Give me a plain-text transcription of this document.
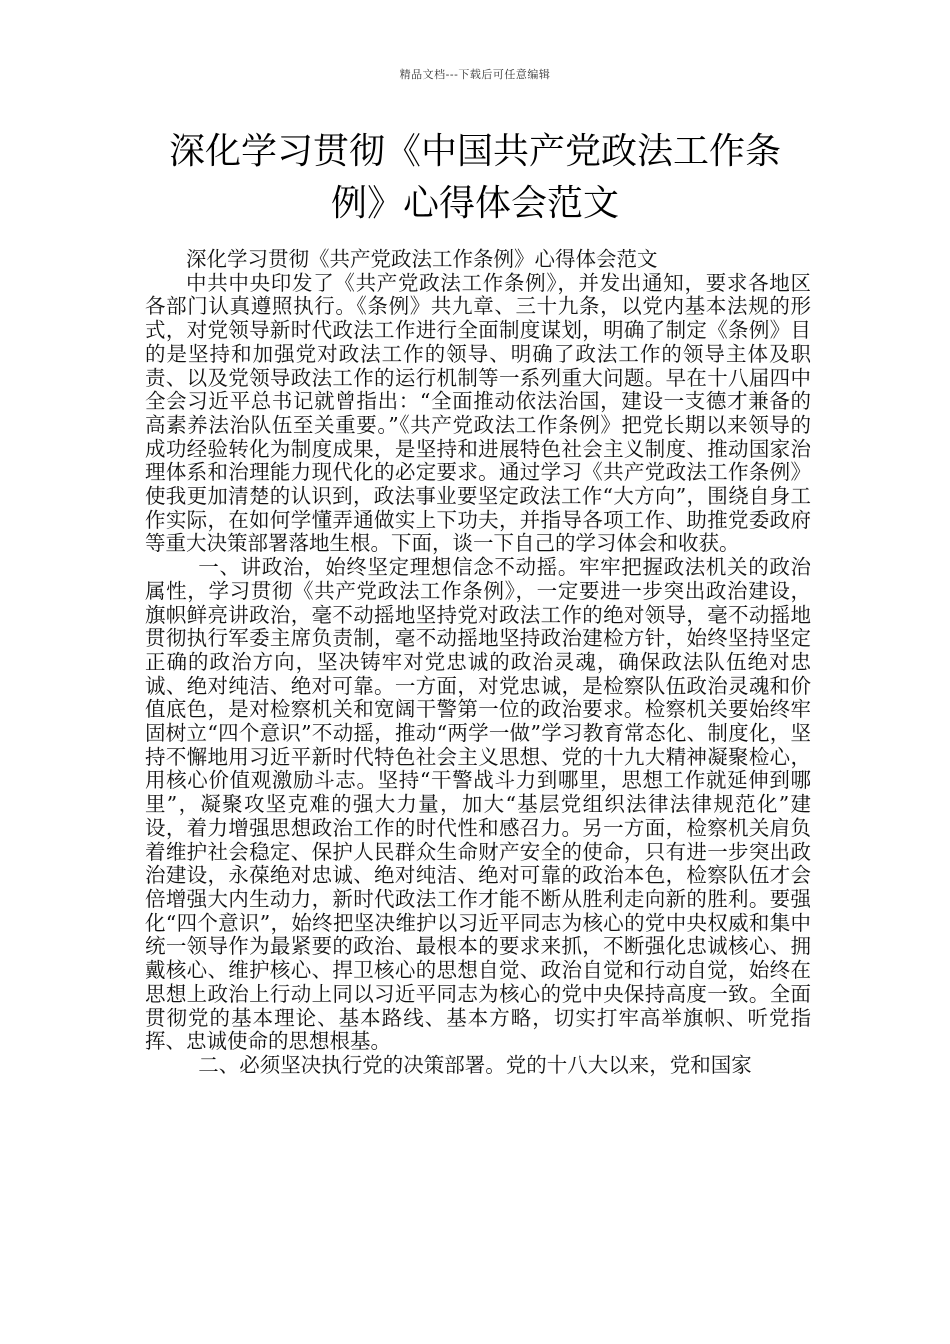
精品文档---下载后可任意编辑
深化学习贯彻《中国共产党政法工作条
例》心得体会范文

深化学习贯彻《共产党政法工作条例》心得体会范文

中共中央印发了《共产党政法工作条例》，并发出通知，要求各地区各部门认真遵照执行。《条例》共九章、三十九条，以党内基本法规的形式，对党领导新时代政法工作进行全面制度谋划，明确了制定《条例》目的是坚持和加强党对政法工作的领导、明确了政法工作的领导主体及职责、以及党领导政法工作的运行机制等一系列重大问题。早在十八届四中全会习近平总书记就曾指出：“全面推动依法治国，建设一支德才兼备的高素养法治队伍至关重要。”《共产党政法工作条例》把党长期以来领导的成功经验转化为制度成果，是坚持和进展特色社会主义制度、推动国家治理体系和治理能力现代化的必定要求。通过学习《共产党政法工作条例》使我更加清楚的认识到，政法事业要坚定政法工作“大方向”，围绕自身工作实际，在如何学懂弄通做实上下功夫，并指导各项工作、助推党委政府等重大决策部署落地生根。下面，谈一下自己的学习体会和收获。

一、讲政治，始终坚定理想信念不动摇。牢牢把握政法机关的政治属性，学习贯彻《共产党政法工作条例》，一定要进一步突出政治建设，旗帜鲜亮讲政治，毫不动摇地坚持党对政法工作的绝对领导，毫不动摇地贯彻执行军委主席负责制，毫不动摇地坚持政治建检方针，始终坚持坚定正确的政治方向，坚决铸牢对党忠诚的政治灵魂，确保政法队伍绝对忠诚、绝对纯洁、绝对可靠。一方面，对党忠诚，是检察队伍政治灵魂和价值底色，是对检察机关和宽阔干警第一位的政治要求。检察机关要始终牢固树立“四个意识”不动摇，推动“两学一做”学习教育常态化、制度化，坚持不懈地用习近平新时代特色社会主义思想、党的十九大精神凝聚检心，用核心价值观激励斗志。坚持“干警战斗力到哪里，思想工作就延伸到哪里”，凝聚攻坚克难的强大力量，加大“基层党组织法律法律规范化”建设，着力增强思想政治工作的时代性和感召力。另一方面，检察机关肩负着维护社会稳定、保护人民群众生命财产安全的使命，只有进一步突出政治建设，永葆绝对忠诚、绝对纯洁、绝对可靠的政治本色，检察队伍才会倍增强大内生动力，新时代政法工作才能不断从胜利走向新的胜利。要强化“四个意识”，始终把坚决维护以习近平同志为核心的党中央权威和集中统一领导作为最紧要的政治、最根本的要求来抓，不断强化忠诚核心、拥戴核心、维护核心、捍卫核心的思想自觉、政治自觉和行动自觉，始终在思想上政治上行动上同以习近平同志为核心的党中央保持高度一致。全面贯彻党的基本理论、基本路线、基本方略，切实打牢高举旗帜、听党指挥、忠诚使命的思想根基。

二、必须坚决执行党的决策部署。党的十八大以来，党和国家
